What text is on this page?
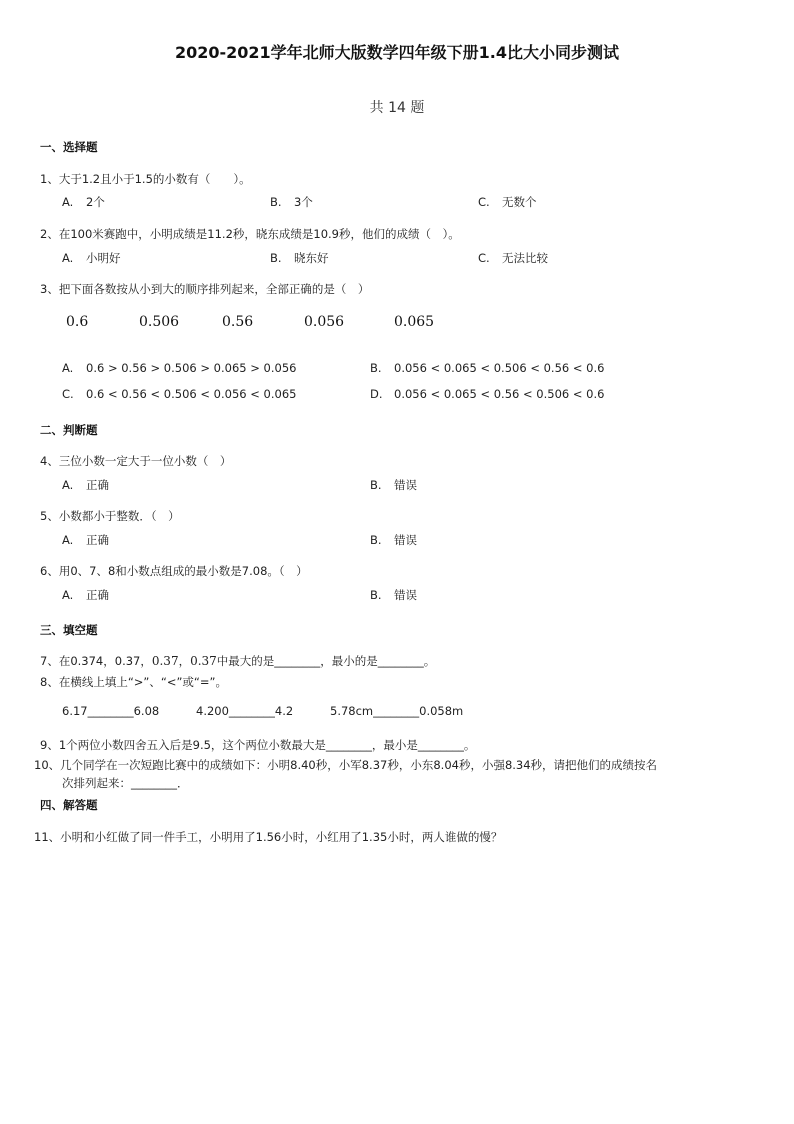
2020-2021学年北师大版数学四年级下册1.4比大小同步测试
共 14 题
一、选择题
1、大于1.2且小于1.5的小数有（　　）。
A. 2个	B. 3个	C. 无数个
2、在100米赛跑中，小明成绩是11.2秒，晓东成绩是10.9秒，他们的成绩（　）。
A. 小明好	B. 晓东好	C. 无法比较
3、把下面各数按从小到大的顺序排列起来，全部正确的是（　）
0.6	0.506	0.56	0.056	0.065
A. 0.6 > 0.56 > 0.506 > 0.065 > 0.056	B. 0.056 < 0.065 < 0.506 < 0.56 < 0.6
C. 0.6 < 0.56 < 0.506 < 0.056 < 0.065	D. 0.056 < 0.065 < 0.56 < 0.506 < 0.6
二、判断题
4、三位小数一定大于一位小数（　）
A. 正确	B. 错误
5、小数都小于整数．（　）
A. 正确	B. 错误
6、用0、7、8和小数点组成的最小数是7.08。（　）
A. 正确	B. 错误
三、填空题
7、在0.374，0.37，0.37，0.37中最大的是________，最小的是________。
8、在横线上填上“>”、“<”或“=”。
6.17________6.08	4.200________4.2	5.78cm________0.058m
9、1个两位小数四舍五入后是9.5，这个两位小数最大是________，最小是________。
10、几个同学在一次短跑比赛中的成绩如下：小明8.40秒，小军8.37秒，小东8.04秒，小强8.34秒，请把他们的成绩按名
次排列起来：________．
四、解答题
11、小明和小红做了同一件手工，小明用了1.56小时，小红用了1.35小时，两人谁做的慢？
